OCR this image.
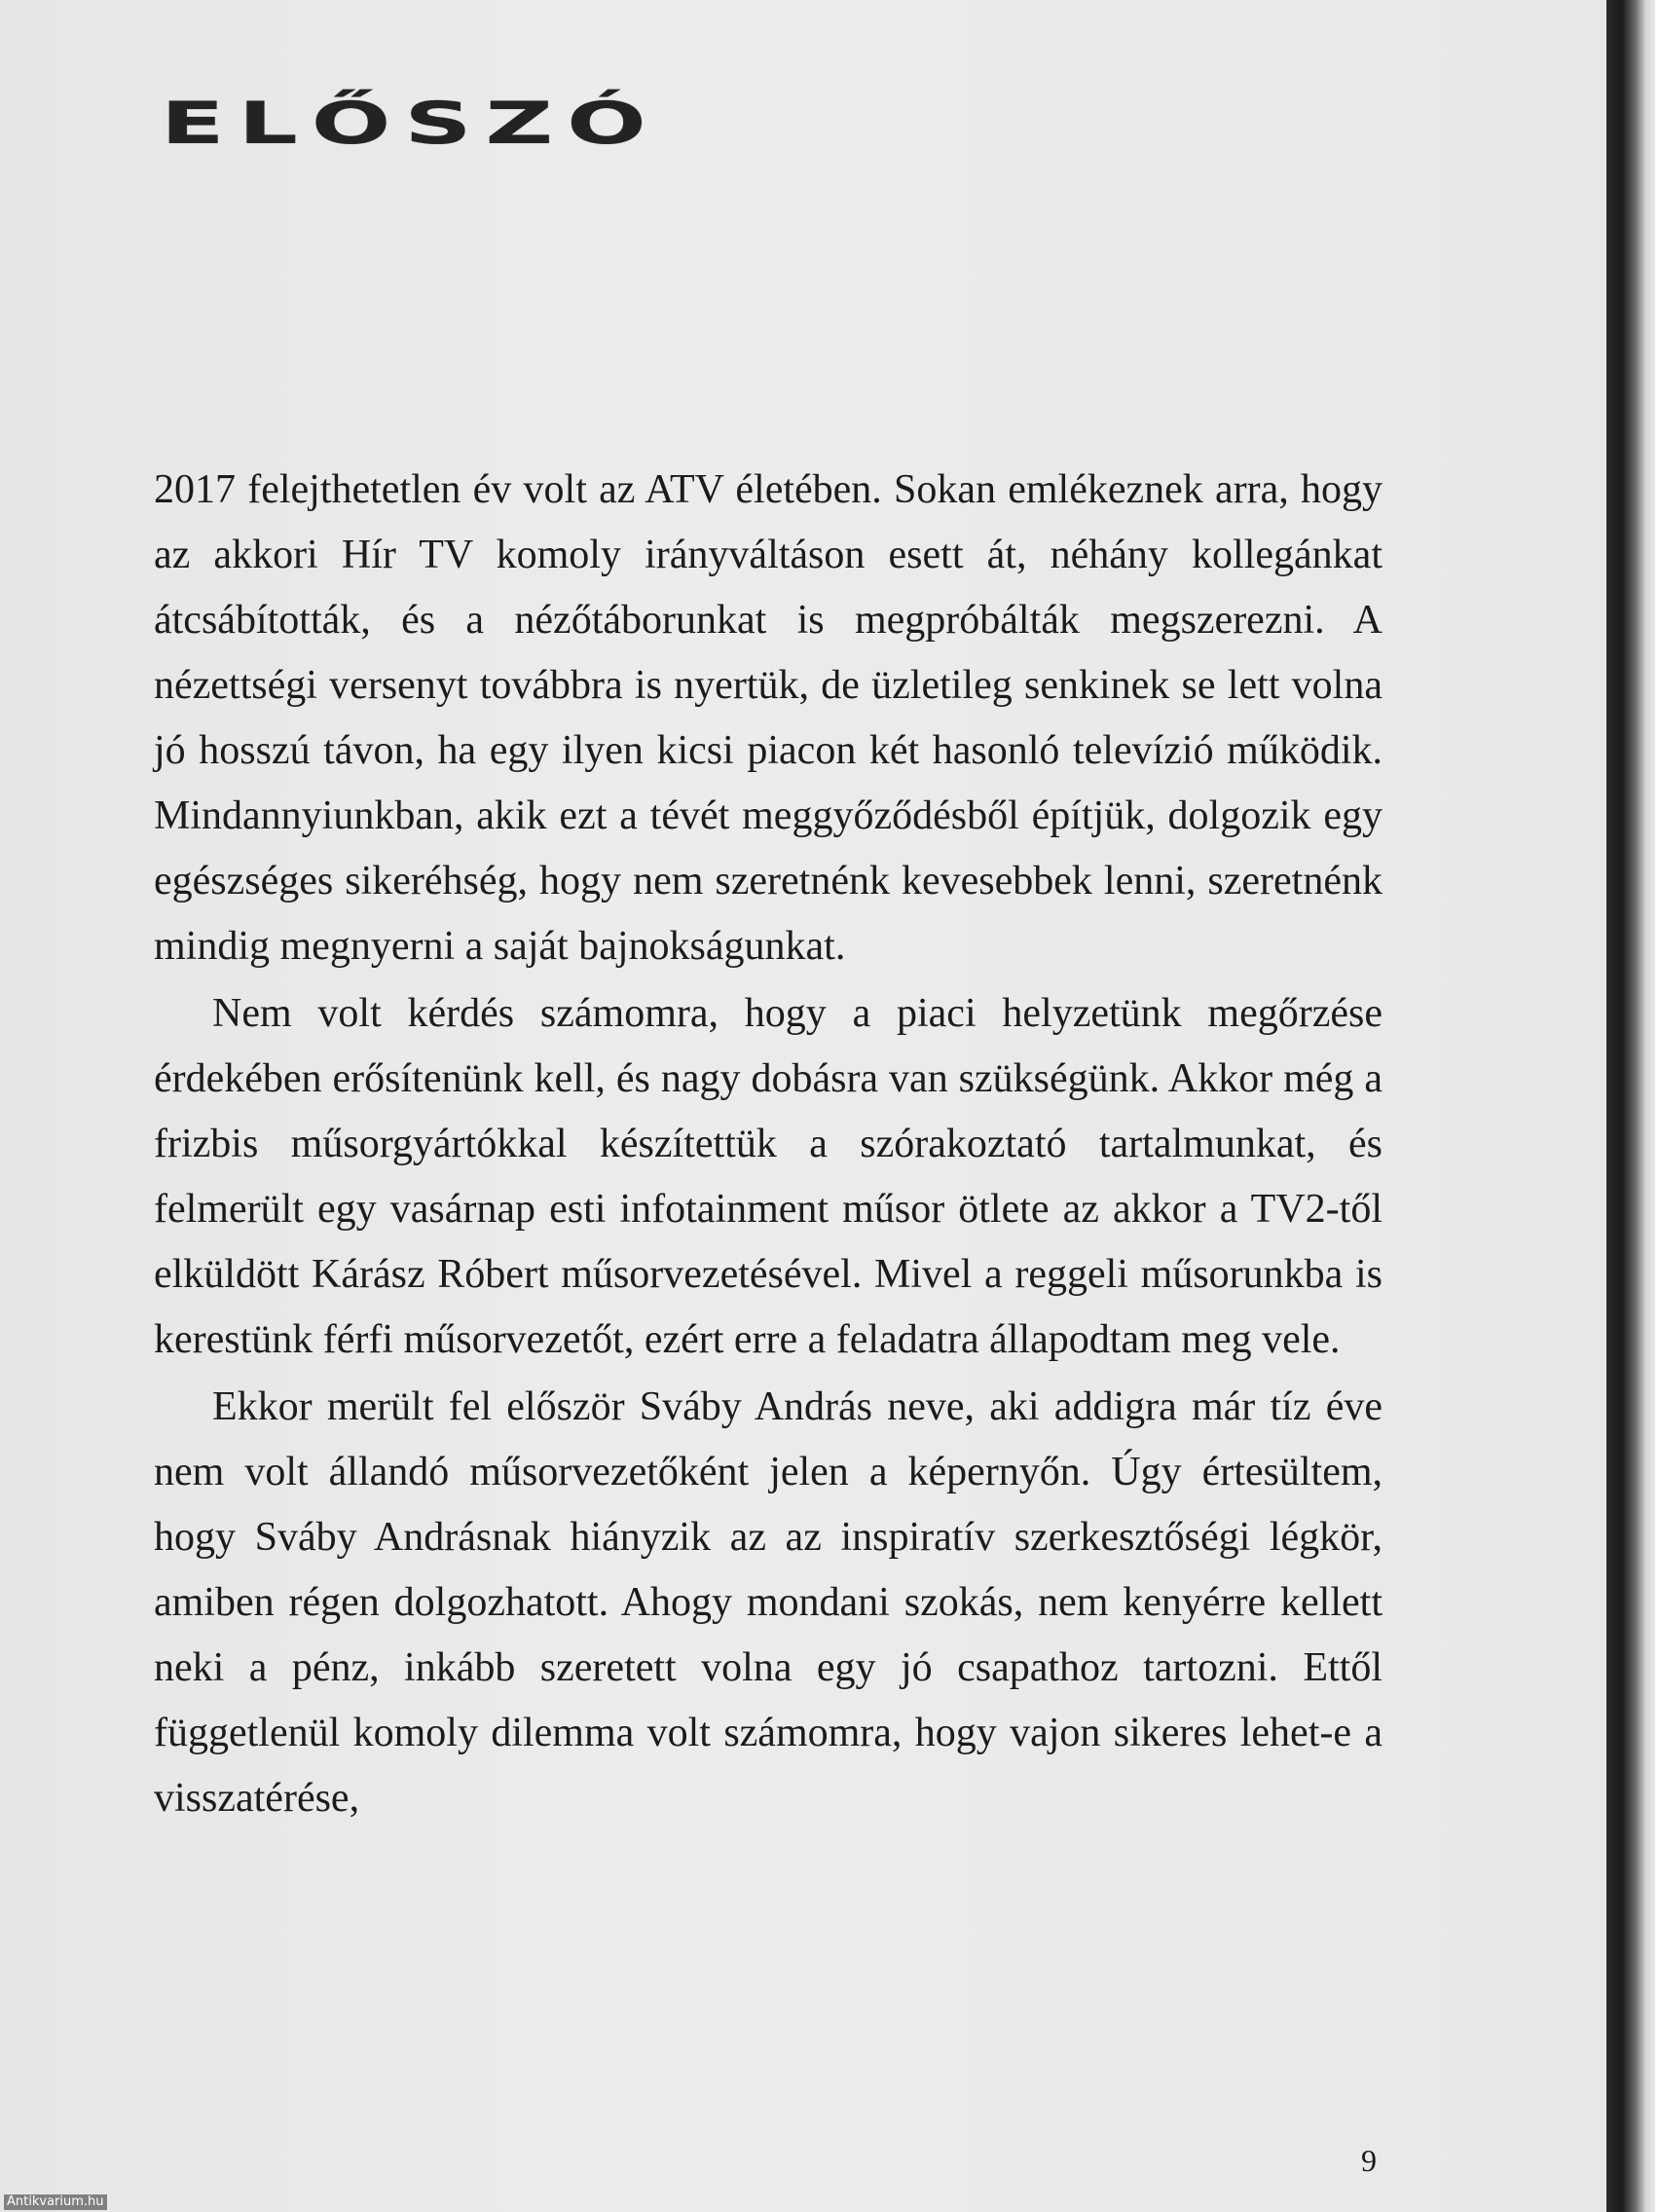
ELŐSZÓ

2017 felejthetetlen év volt az ATV életében. Sokan emlékeznek arra, hogy az akkori Hír TV komoly irányváltáson esett át, néhány kollegánkat átcsábították, és a nézőtáborunkat is megpróbálták megszerezni. A nézettségi versenyt továbbra is nyertük, de üzletileg senkinek se lett volna jó hosszú távon, ha egy ilyen kicsi piacon két hasonló televízió működik. Mindannyiunkban, akik ezt a tévét meggyőződésből építjük, dolgozik egy egészséges sikeréhség, hogy nem szeretnénk kevesebbek lenni, szeretnénk mindig megnyerni a saját bajnokságunkat.

Nem volt kérdés számomra, hogy a piaci helyzetünk megőrzése érdekében erősítenünk kell, és nagy dobásra van szükségünk. Akkor még a frizbis műsorgyártókkal készítettük a szórakoztató tartalmunkat, és felmerült egy vasárnap esti infotainment műsor ötlete az akkor a TV2-től elküldött Kárász Róbert műsorvezetésével. Mivel a reggeli műsorunkba is kerestünk férfi műsorvezetőt, ezért erre a feladatra állapodtam meg vele.

Ekkor merült fel először Sváby András neve, aki addigra már tíz éve nem volt állandó műsorvezetőként jelen a képernyőn. Úgy értesültem, hogy Sváby Andrásnak hiányzik az az inspiratív szerkesztőségi légkör, amiben régen dolgozhatott. Ahogy mondani szokás, nem kenyérre kellett neki a pénz, inkább szeretett volna egy jó csapathoz tartozni. Ettől függetlenül komoly dilemma volt számomra, hogy vajon sikeres lehet-e a visszatérése,

9
Antikvarium.hu
